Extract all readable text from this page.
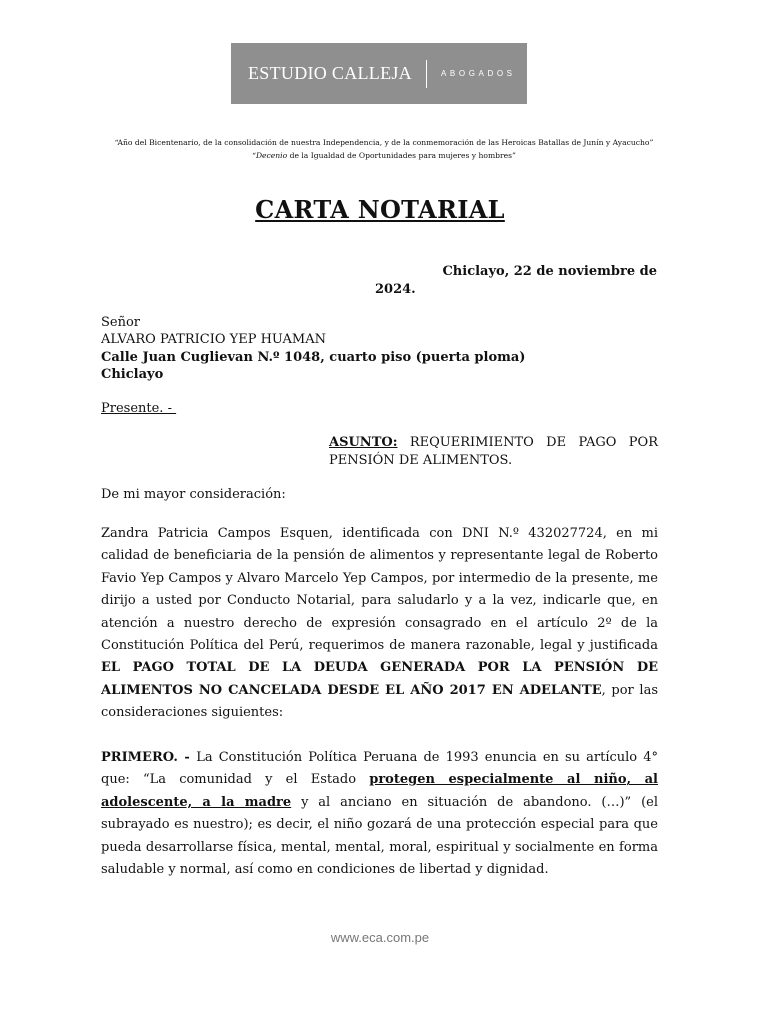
ESTUDIO CALLEJA	ABOGADOS
“Año del Bicentenario, de la consolidación de nuestra Independencia, y de la conmemoración de las Heroicas Batallas de Junín y Ayacucho”
“Decenio de la Igualdad de Oportunidades para mujeres y hombres”
CARTA NOTARIAL
Chiclayo, 22 de noviembre de
2024.
Señor
ALVARO PATRICIO YEP HUAMAN
Calle Juan Cuglievan N.º 1048, cuarto piso (puerta ploma)
Chiclayo
Presente. -
ASUNTO: REQUERIMIENTO DE PAGO POR PENSIÓN DE ALIMENTOS.
De mi mayor consideración:
Zandra Patricia Campos Esquen, identificada con DNI N.º 432027724, en mi calidad de beneficiaria de la pensión de alimentos y representante legal de Roberto Favio Yep Campos y Alvaro Marcelo Yep Campos, por intermedio de la presente, me dirijo a usted por Conducto Notarial, para saludarlo y a la vez, indicarle que, en atención a nuestro derecho de expresión consagrado en el artículo 2º de la Constitución Política del Perú, requerimos de manera razonable, legal y justificada EL PAGO TOTAL DE LA DEUDA GENERADA POR LA PENSIÓN DE ALIMENTOS NO CANCELADA DESDE EL AÑO 2017 EN ADELANTE, por las consideraciones siguientes:
PRIMERO. - La Constitución Política Peruana de 1993 enuncia en su artículo 4° que: “La comunidad y el Estado protegen especialmente al niño, al adolescente, a la madre y al anciano en situación de abandono. (…)” (el subrayado es nuestro); es decir, el niño gozará de una protección especial para que pueda desarrollarse física, mental, mental, moral, espiritual y socialmente en forma saludable y normal, así como en condiciones de libertad y dignidad.
www.eca.com.pe
